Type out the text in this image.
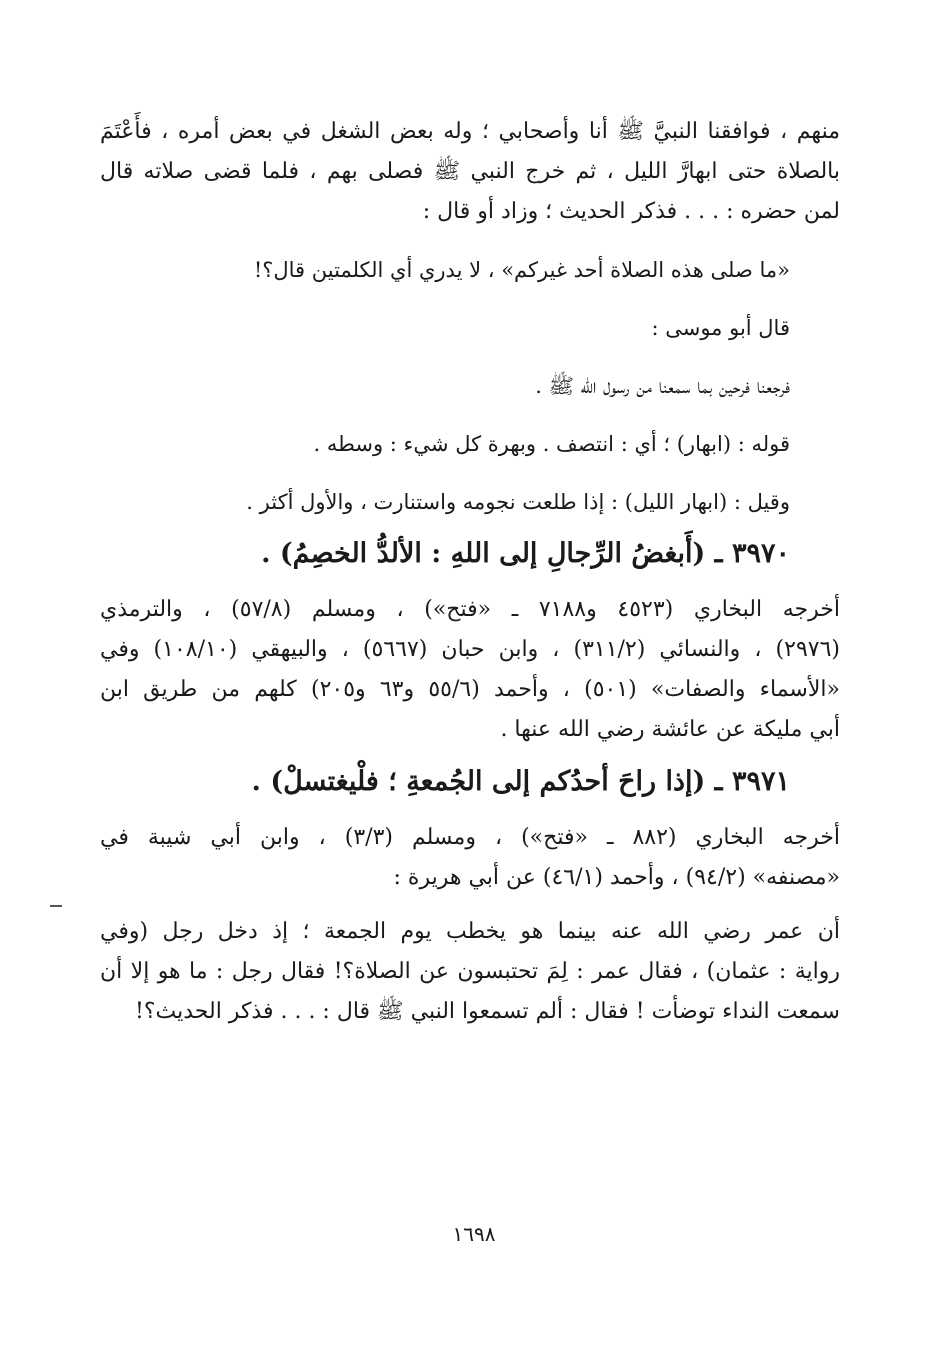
منهم ، فوافقنا النبيَّ ﷺ أنا وأصحابي ؛ وله بعض الشغل في بعض أمره ، فأَعْتَمَ
بالصلاة حتى ابهارَّ الليل ، ثم خرج النبي ﷺ فصلى بهم ، فلما قضى صلاته قال
لمن حضره : . . . فذكر الحديث ؛ وزاد أو قال :
«ما صلى هذه الصلاة أحد غيركم» ، لا يدري أي الكلمتين قال؟!
قال أبو موسى :
فرجعنا فرحين بما سمعنا من رسول الله ﷺ .
قوله : (ابهار) ؛ أي : انتصف . وبهرة كل شيء : وسطه .
وقيل : (ابهار الليل) : إذا طلعت نجومه واستنارت ، والأول أكثر .
٣٩٧٠ ـ (أَبغضُ الرِّجالِ إلى اللهِ : الألدُّ الخصِمُ) .
أخرجه البخاري (٤٥٢٣ و٧١٨٨ ـ «فتح») ، ومسلم (٥٧/٨) ، والترمذي
(٢٩٧٦) ، والنسائي (٣١١/٢) ، وابن حبان (٥٦٦٧) ، والبيهقي (١٠٨/١٠) وفي
«الأسماء والصفات» (٥٠١) ، وأحمد (٥٥/٦ و٦٣ و٢٠٥) كلهم من طريق ابن
أبي مليكة عن عائشة رضي الله عنها .
٣٩٧١ ـ (إذا راحَ أحدُكم إلى الجُمعةِ ؛ فلْيغتسلْ) .
أخرجه البخاري (٨٨٢ ـ «فتح») ، ومسلم (٣/٣) ، وابن أبي شيبة في
«مصنفه» (٩٤/٢) ، وأحمد (٤٦/١) عن أبي هريرة :
أن عمر رضي الله عنه بينما هو يخطب يوم الجمعة ؛ إذ دخل رجل (وفي
رواية : عثمان) ، فقال عمر : لِمَ تحتبسون عن الصلاة؟! فقال رجل : ما هو إلا أن
سمعت النداء توضأت ! فقال : ألم تسمعوا النبي ﷺ قال : . . . فذكر الحديث؟!
١٦٩٨
